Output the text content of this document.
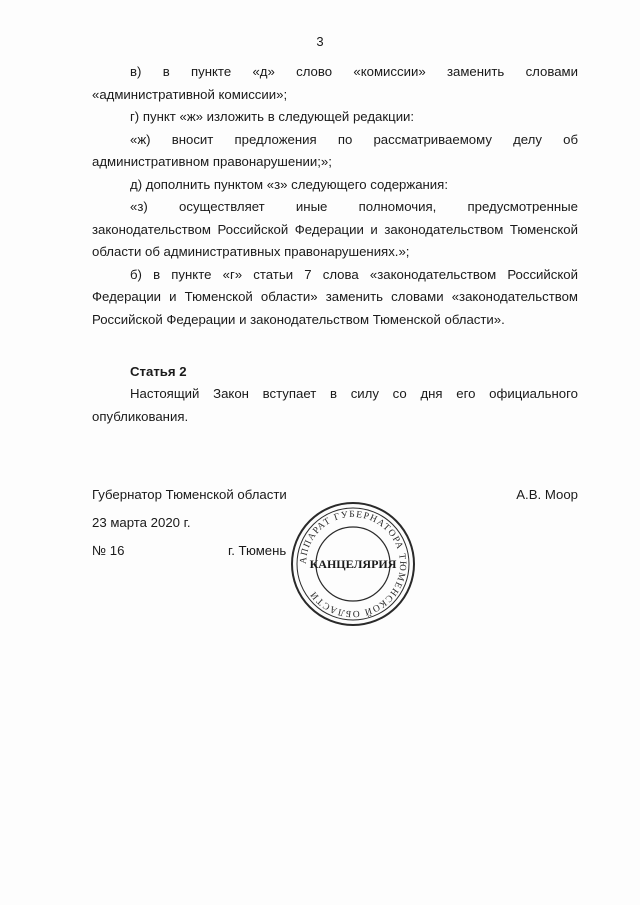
3

в) в пункте «д» слово «комиссии» заменить словами «административной комиссии»;

г) пункт «ж» изложить в следующей редакции:

«ж) вносит предложения по рассматриваемому делу об административном правонарушении;»;

д) дополнить пунктом «з» следующего содержания:

«з) осуществляет иные полномочия, предусмотренные законодательством Российской Федерации и законодательством Тюменской области об административных правонарушениях.»;

б) в пункте «г» статьи 7 слова «законодательством Российской Федерации и Тюменской области» заменить словами «законодательством Российской Федерации и законодательством Тюменской области».

Статья 2

Настоящий Закон вступает в силу со дня его официального опубликования.

Губернатор Тюменской области	А.В. Моор
23 марта 2020 г.
№ 16	г. Тюмень
АППАРАТ ГУБЕРНАТОРА ТЮМЕНСКОЙ ОБЛАСТИ
КАНЦЕЛЯРИЯ
